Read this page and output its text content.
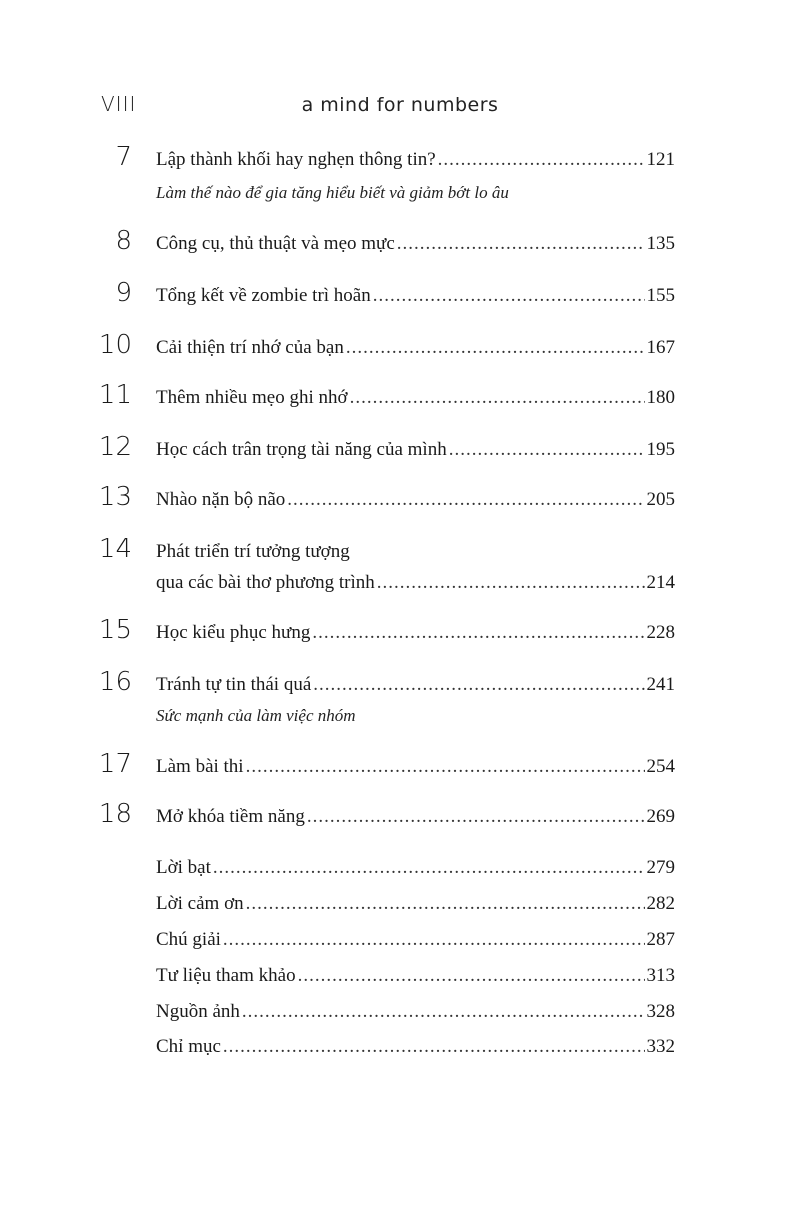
VIII	a mind for numbers
7 Lập thành khối hay nghẹn thông tin? .....	121
Làm thế nào để gia tăng hiểu biết và giảm bớt lo âu
8 Công cụ, thủ thuật và mẹo mực .....	135
9 Tổng kết về zombie trì hoãn .....	155
10 Cải thiện trí nhớ của bạn .....	167
11 Thêm nhiều mẹo ghi nhớ .....	180
12 Học cách trân trọng tài năng của mình .....	195
13 Nhào nặn bộ não .....	205
14 Phát triển trí tưởng tượng
qua các bài thơ phương trình .....	214
15 Học kiểu phục hưng .....	228
16 Tránh tự tin thái quá .....	241
Sức mạnh của làm việc nhóm
17 Làm bài thi .....	254
18 Mở khóa tiềm năng .....	269
Lời bạt .....	279
Lời cảm ơn .....	282
Chú giải .....	287
Tư liệu tham khảo .....	313
Nguồn ảnh .....	328
Chỉ mục .....	332
